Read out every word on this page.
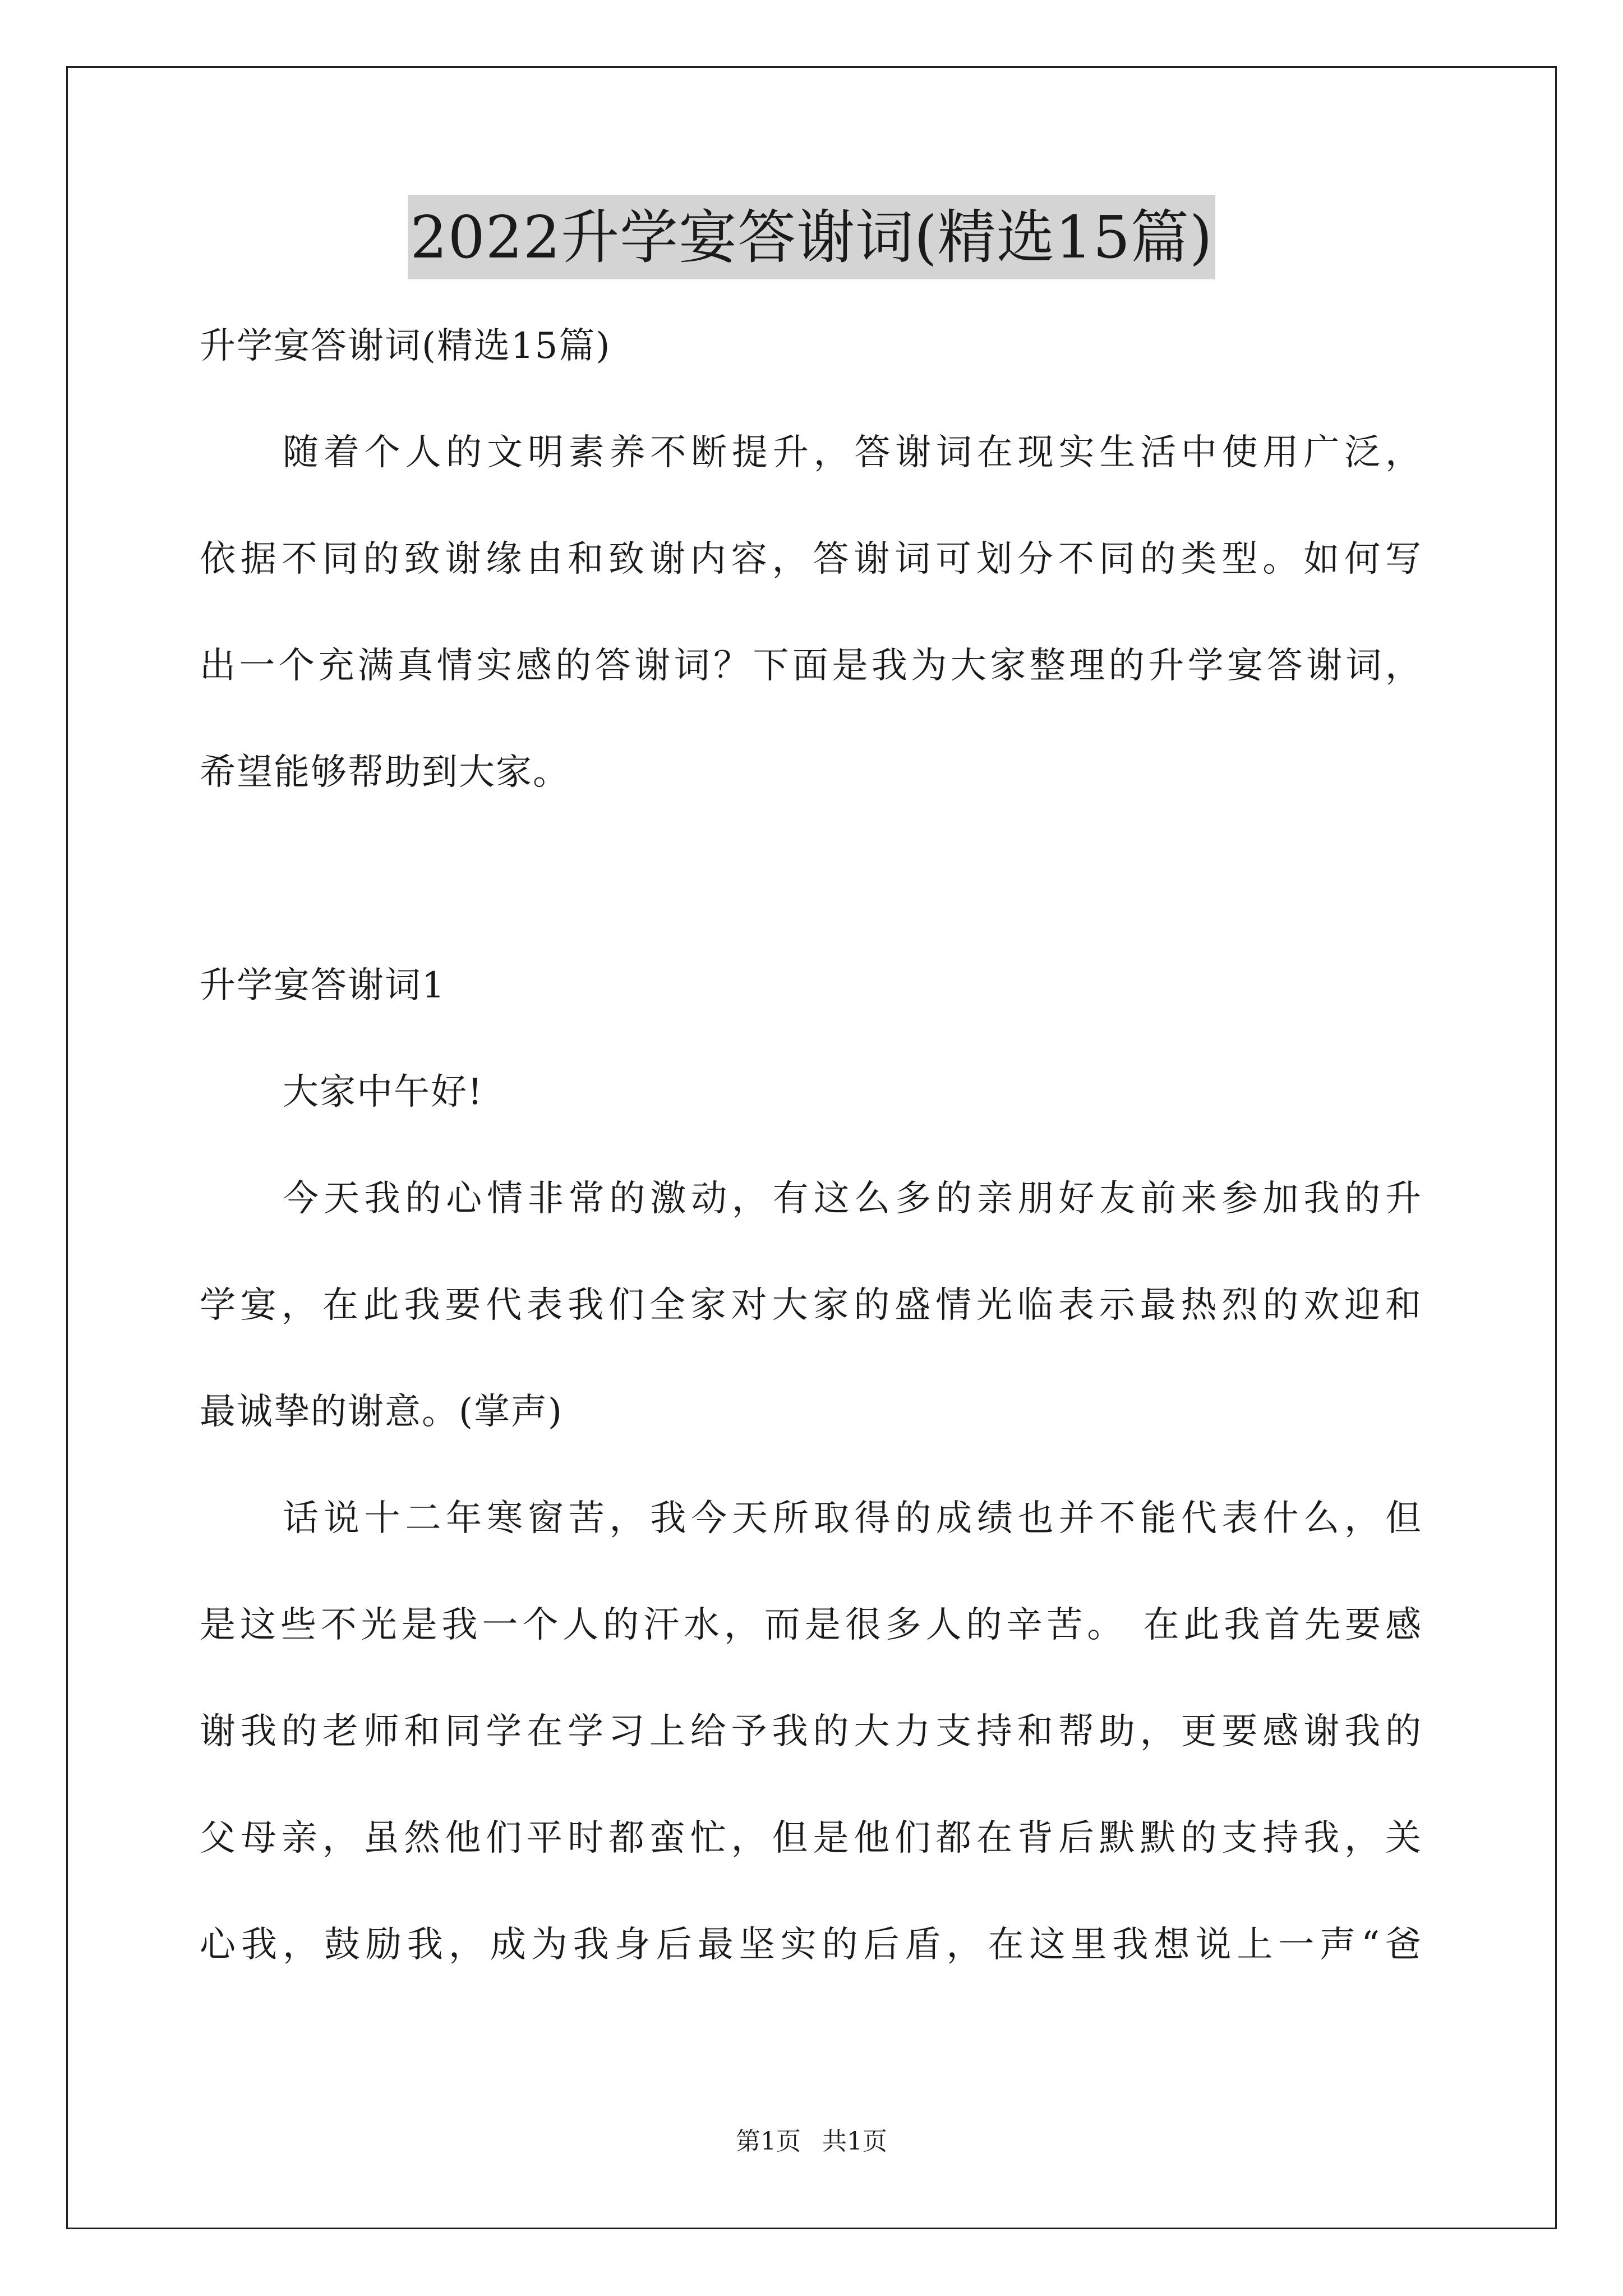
2022升学宴答谢词(精选15篇)
升学宴答谢词(精选15篇)
随着个人的文明素养不断提升，答谢词在现实生活中使用广泛，
依据不同的致谢缘由和致谢内容，答谢词可划分不同的类型。如何写
出一个充满真情实感的答谢词？下面是我为大家整理的升学宴答谢词，
希望能够帮助到大家。
升学宴答谢词1
大家中午好!
今天我的心情非常的激动，有这么多的亲朋好友前来参加我的升
学宴，在此我要代表我们全家对大家的盛情光临表示最热烈的欢迎和
最诚挚的谢意。(掌声)
话说十二年寒窗苦，我今天所取得的成绩也并不能代表什么，但
是这些不光是我一个人的汗水，而是很多人的辛苦。 在此我首先要感
谢我的老师和同学在学习上给予我的大力支持和帮助，更要感谢我的
父母亲，虽然他们平时都蛮忙，但是他们都在背后默默的支持我，关
心我，鼓励我，成为我身后最坚实的后盾，在这里我想说上一声“爸
第1页 共1页
